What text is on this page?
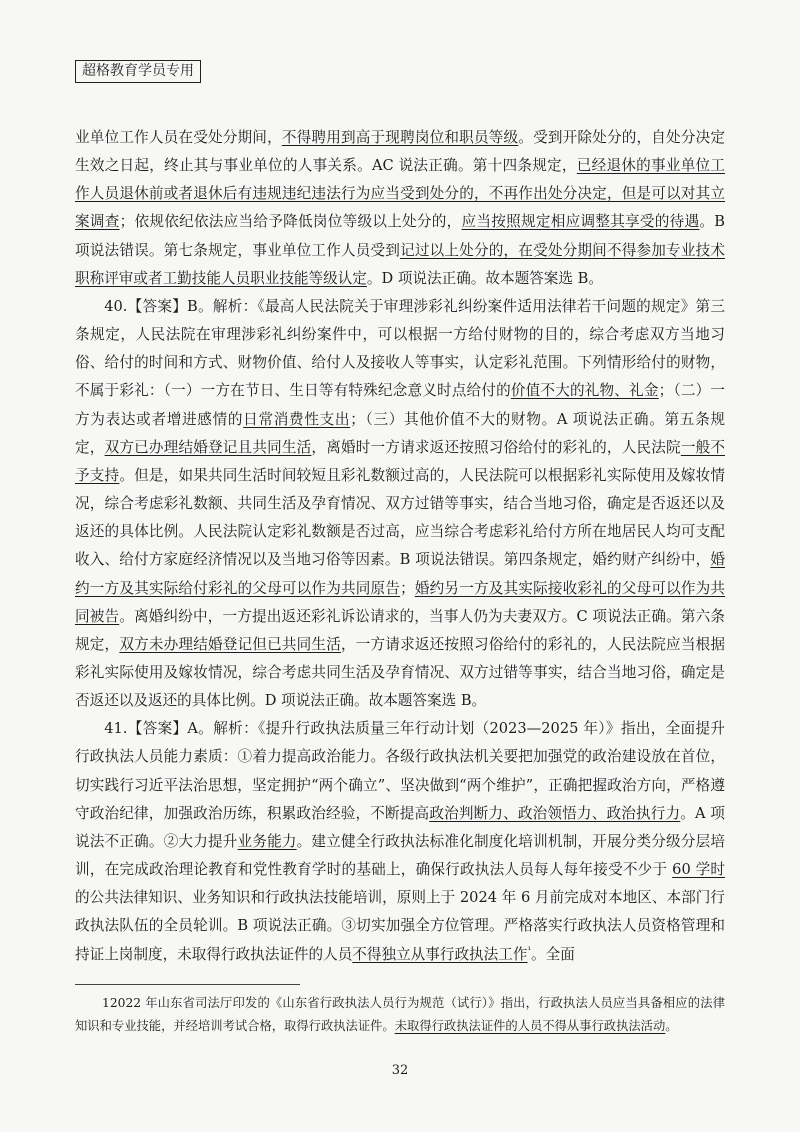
超格教育学员专用

业单位工作人员在受处分期间，不得聘用到高于现聘岗位和职员等级。受到开除处分的，自处分决定生效之日起，终止其与事业单位的人事关系。AC 说法正确。第十四条规定，已经退休的事业单位工作人员退休前或者退休后有违规违纪违法行为应当受到处分的，不再作出处分决定，但是可以对其立案调查；依规依纪依法应当给予降低岗位等级以上处分的，应当按照规定相应调整其享受的待遇。B 项说法错误。第七条规定，事业单位工作人员受到记过以上处分的，在受处分期间不得参加专业技术职称评审或者工勤技能人员职业技能等级认定。D 项说法正确。故本题答案选 B。

40.【答案】B。解析：《最高人民法院关于审理涉彩礼纠纷案件适用法律若干问题的规定》第三条规定，人民法院在审理涉彩礼纠纷案件中，可以根据一方给付财物的目的，综合考虑双方当地习俗、给付的时间和方式、财物价值、给付人及接收人等事实，认定彩礼范围。下列情形给付的财物，不属于彩礼：（一）一方在节日、生日等有特殊纪念意义时点给付的价值不大的礼物、礼金；（二）一方为表达或者增进感情的日常消费性支出；（三）其他价值不大的财物。A 项说法正确。第五条规定，双方已办理结婚登记且共同生活，离婚时一方请求返还按照习俗给付的彩礼的，人民法院一般不予支持。但是，如果共同生活时间较短且彩礼数额过高的，人民法院可以根据彩礼实际使用及嫁妆情况，综合考虑彩礼数额、共同生活及孕育情况、双方过错等事实，结合当地习俗，确定是否返还以及返还的具体比例。人民法院认定彩礼数额是否过高，应当综合考虑彩礼给付方所在地居民人均可支配收入、给付方家庭经济情况以及当地习俗等因素。B 项说法错误。第四条规定，婚约财产纠纷中，婚约一方及其实际给付彩礼的父母可以作为共同原告；婚约另一方及其实际接收彩礼的父母可以作为共同被告。离婚纠纷中，一方提出返还彩礼诉讼请求的，当事人仍为夫妻双方。C 项说法正确。第六条规定，双方未办理结婚登记但已共同生活，一方请求返还按照习俗给付的彩礼的，人民法院应当根据彩礼实际使用及嫁妆情况，综合考虑共同生活及孕育情况、双方过错等事实，结合当地习俗，确定是否返还以及返还的具体比例。D 项说法正确。故本题答案选 B。

41.【答案】A。解析：《提升行政执法质量三年行动计划（2023—2025 年）》指出，全面提升行政执法人员能力素质：①着力提高政治能力。各级行政执法机关要把加强党的政治建设放在首位，切实践行习近平法治思想，坚定拥护“两个确立”、坚决做到“两个维护”，正确把握政治方向，严格遵守政治纪律，加强政治历练，积累政治经验，不断提高政治判断力、政治领悟力、政治执行力。A 项说法不正确。②大力提升业务能力。建立健全行政执法标准化制度化培训机制，开展分类分级分层培训，在完成政治理论教育和党性教育学时的基础上，确保行政执法人员每人每年接受不少于 60 学时的公共法律知识、业务知识和行政执法技能培训，原则上于 2024 年 6 月前完成对本地区、本部门行政执法队伍的全员轮训。B 项说法正确。③切实加强全方位管理。严格落实行政执法人员资格管理和持证上岗制度，未取得行政执法证件的人员不得独立从事行政执法工作$^{^1}$。全面

12022 年山东省司法厅印发的《山东省行政执法人员行为规范（试行）》指出，行政执法人员应当具备相应的法律知识和专业技能，并经培训考试合格，取得行政执法证件。未取得行政执法证件的人员不得从事行政执法活动。

32
